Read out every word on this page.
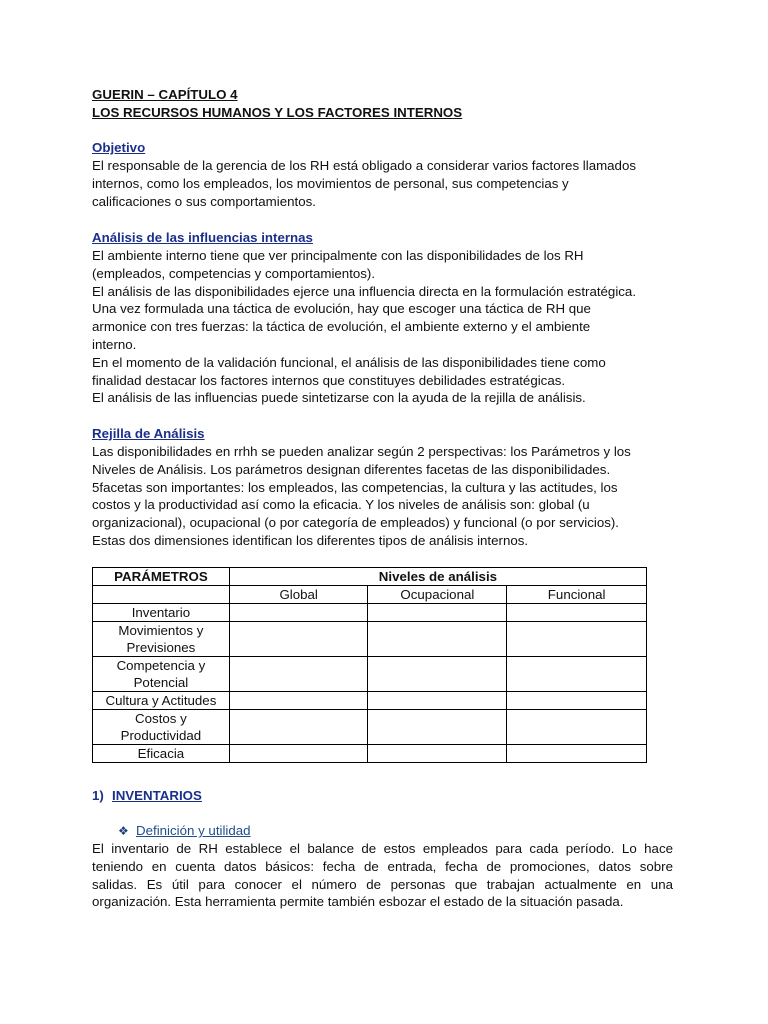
GUERIN – CAPÍTULO 4
LOS RECURSOS HUMANOS Y LOS FACTORES INTERNOS
Objetivo
El responsable de la gerencia de los RH está obligado a considerar varios factores llamados
internos, como los empleados, los movimientos de personal, sus competencias y
calificaciones o sus comportamientos.
Análisis de las influencias internas
El ambiente interno tiene que ver principalmente con las disponibilidades de los RH
(empleados, competencias y comportamientos).
El análisis de las disponibilidades ejerce una influencia directa en la formulación estratégica.
Una vez formulada una táctica de evolución, hay que escoger una táctica de RH que
armonice con tres fuerzas: la táctica de evolución, el ambiente externo y el ambiente
interno.
En el momento de la validación funcional, el análisis de las disponibilidades tiene como
finalidad destacar los factores internos que constituyes debilidades estratégicas.
El análisis de las influencias puede sintetizarse con la ayuda de la rejilla de análisis.
Rejilla de Análisis
Las disponibilidades en rrhh se pueden analizar según 2 perspectivas: los Parámetros y los
Niveles de Análisis. Los parámetros designan diferentes facetas de las disponibilidades.
5facetas son importantes: los empleados, las competencias, la cultura y las actitudes, los
costos y la productividad así como la eficacia. Y los niveles de análisis son: global (u
organizacional), ocupacional (o por categoría de empleados) y funcional (o por servicios).
Estas dos dimensiones identifican los diferentes tipos de análisis internos.
PARÁMETROS	Niveles de análisis		
	Global	Ocupacional	Funcional

Inventario			

Movimientos y
Previsiones			

Competencia y
Potencial			

Cultura y Actitudes			

Costos y
Productividad			

Eficacia			

1) INVENTARIOS
❖ Definición y utilidad
El inventario de RH establece el balance de estos empleados para cada período. Lo hace
teniendo en cuenta datos básicos: fecha de entrada, fecha de promociones, datos sobre
salidas. Es útil para conocer el número de personas que trabajan actualmente en una
organización. Esta herramienta permite también esbozar el estado de la situación pasada.
